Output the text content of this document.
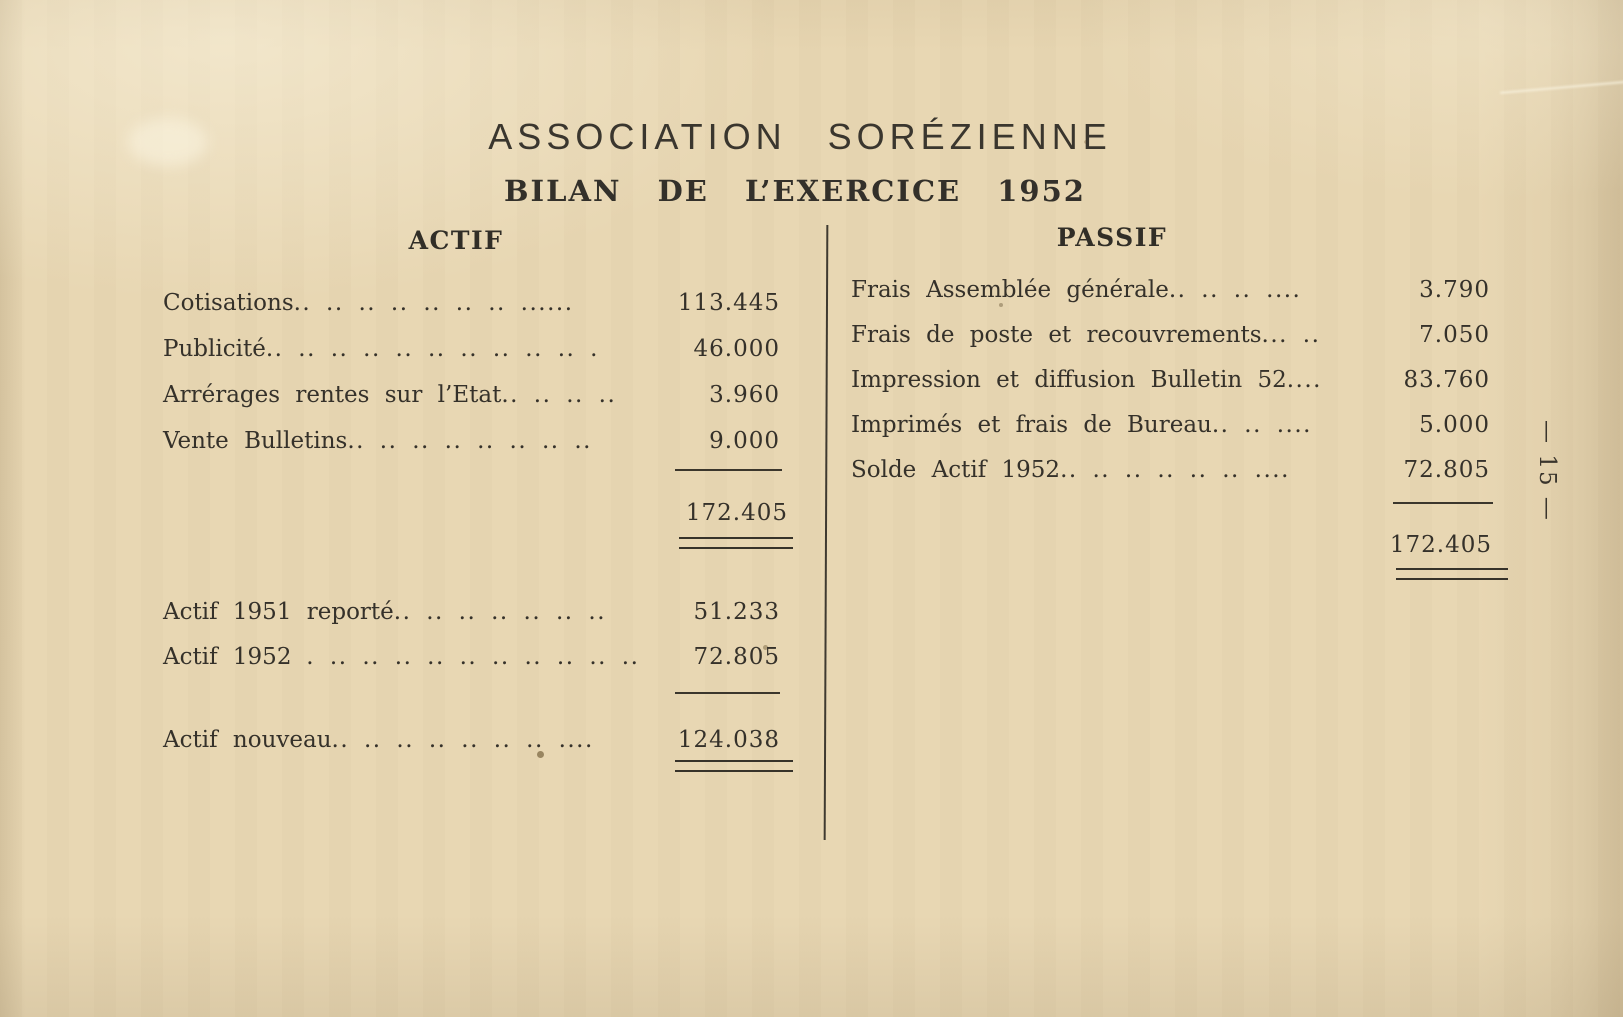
ASSOCIATION SORÉZIENNE
BILAN DE L’EXERCICE 1952
ACTIF	PASSIF
Cotisations.. .. .. .. .. .. .. ......	113.445
Publicité.. .. .. .. .. .. .. .. .. .. .	46.000
Arrérages rentes sur l’Etat.. .. .. ..	3.960
Vente Bulletins.. .. .. .. .. .. .. ..	9.000
172.405
Actif 1951 reporté.. .. .. .. .. .. ..	51.233
Actif 1952 . .. .. .. .. .. .. .. .. .. .. 72.805
Actif nouveau.. .. .. .. .. .. .. ....	124.038
Frais Assemblée générale.. .. .. ....	3.790
Frais de poste et recouvrements... ..	7.050
Impression et diffusion Bulletin 52....	83.760
Imprimés et frais de Bureau.. .. ....	5.000
Solde Actif 1952.. .. .. .. .. .. ....	72.805
172.405
— 15 —
